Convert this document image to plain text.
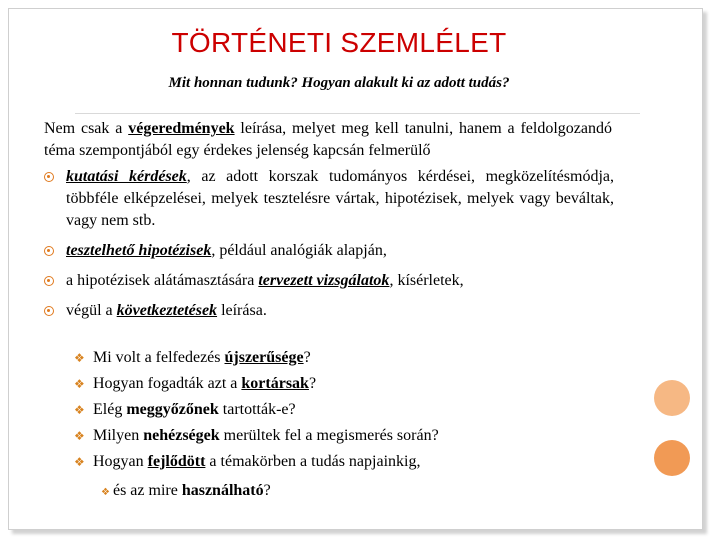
TÖRTÉNETI SZEMLÉLET
Mit honnan tudunk? Hogyan alakult ki az adott tudás?
Nem csak a végeredmények leírása, melyet meg kell tanulni, hanem a feldolgozandó téma szempontjából egy érdekes jelenség kapcsán felmerülő
kutatási kérdések, az adott korszak tudományos kérdései, megközelítésmódja, többféle elképzelései, melyek tesztelésre vártak, hipotézisek, melyek vagy beváltak, vagy nem stb.
tesztelhető hipotézisek, például analógiák alapján,
a hipotézisek alátámasztására tervezett vizsgálatok, kísérletek,
végül a következtetések leírása.
❖ Mi volt a felfedezés újszerűsége?
❖ Hogyan fogadták azt a kortársak?
❖ Elég meggyőzőnek tartották-e?
❖ Milyen nehézségek merültek fel a megismerés során?
❖ Hogyan fejlődött a témakörben a tudás napjainkig,
❖ és az mire használható?
